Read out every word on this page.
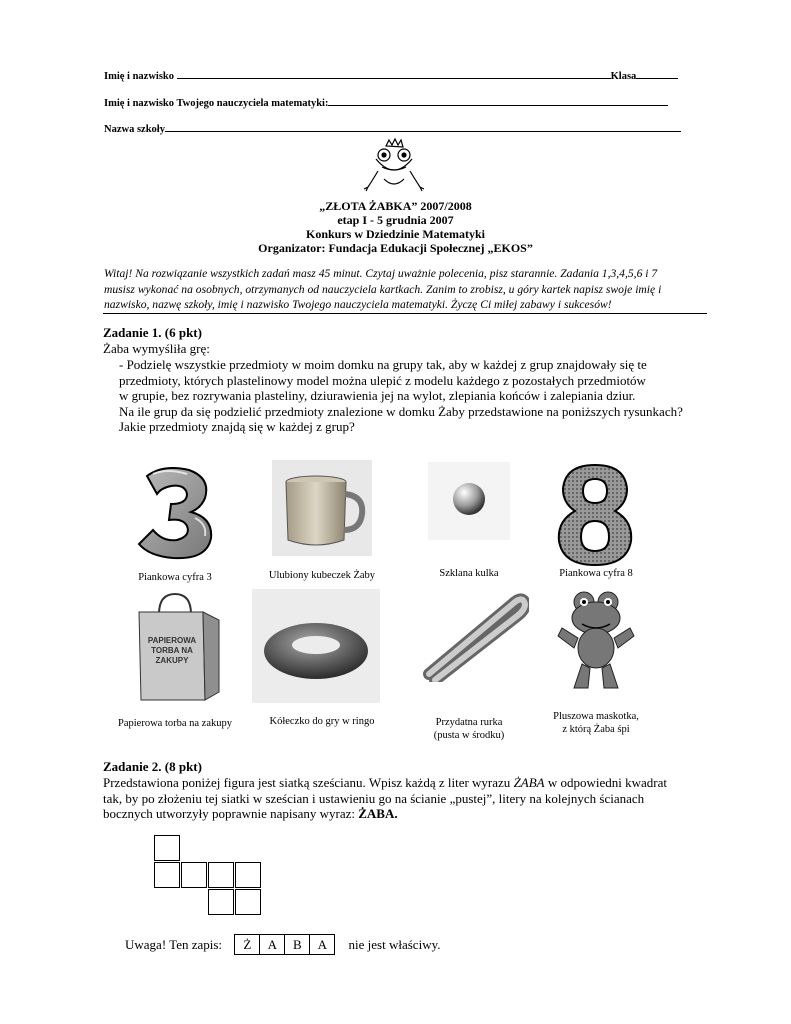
Imię i nazwisko	Klasa
Imię i nazwisko Twojego nauczyciela matematyki:
Nazwa szkoły
„ZŁOTA ŻABKA” 2007/2008
etap I - 5 grudnia 2007
Konkurs w Dziedzinie Matematyki
Organizator: Fundacja Edukacji Społecznej „EKOS”
Witaj! Na rozwiązanie wszystkich zadań masz 45 minut. Czytaj uważnie polecenia, pisz starannie. Zadania 1,3,4,5,6 i 7
musisz wykonać na osobnych, otrzymanych od nauczyciela kartkach. Zanim to zrobisz, u góry kartek napisz swoje imię i
nazwisko, nazwę szkoły, imię i nazwisko Twojego nauczyciela matematyki. Życzę Ci miłej zabawy i sukcesów!
Zadanie 1. (6 pkt)
Żaba wymyśliła grę:
- Podzielę wszystkie przedmioty w moim domku na grupy tak, aby w każdej z grup znajdowały się te
przedmioty, których plastelinowy model można ulepić z modelu każdego z pozostałych przedmiotów
w grupie, bez rozrywania plasteliny, dziurawienia jej na wylot, zlepiania końców i zalepiania dziur.
Na ile grup da się podzielić przedmioty znalezione w domku Żaby przedstawione na poniższych rysunkach?
Jakie przedmioty znajdą się w każdej z grup?
Piankowa cyfra 3	Ulubiony kubeczek Żaby	Szklana kulka	Piankowa cyfra 8
PAPIEROWA
TORBA NA
ZAKUPY
Papierowa torba na zakupy	Kółeczko do gry w ringo	Przydatna rurka
(pusta w środku)
Pluszowa maskotka,
z którą Żaba śpi
Zadanie 2. (8 pkt)
Przedstawiona poniżej figura jest siatką sześcianu. Wpisz każdą z liter wyrazu ŻABA w odpowiedni kwadrat
tak, by po złożeniu tej siatki w sześcian i ustawieniu go na ścianie „pustej”, litery na kolejnych ścianach
bocznych utworzyły poprawnie napisany wyraz: ŻABA.
Uwaga! Ten zapis: Ż A B A nie jest właściwy.
